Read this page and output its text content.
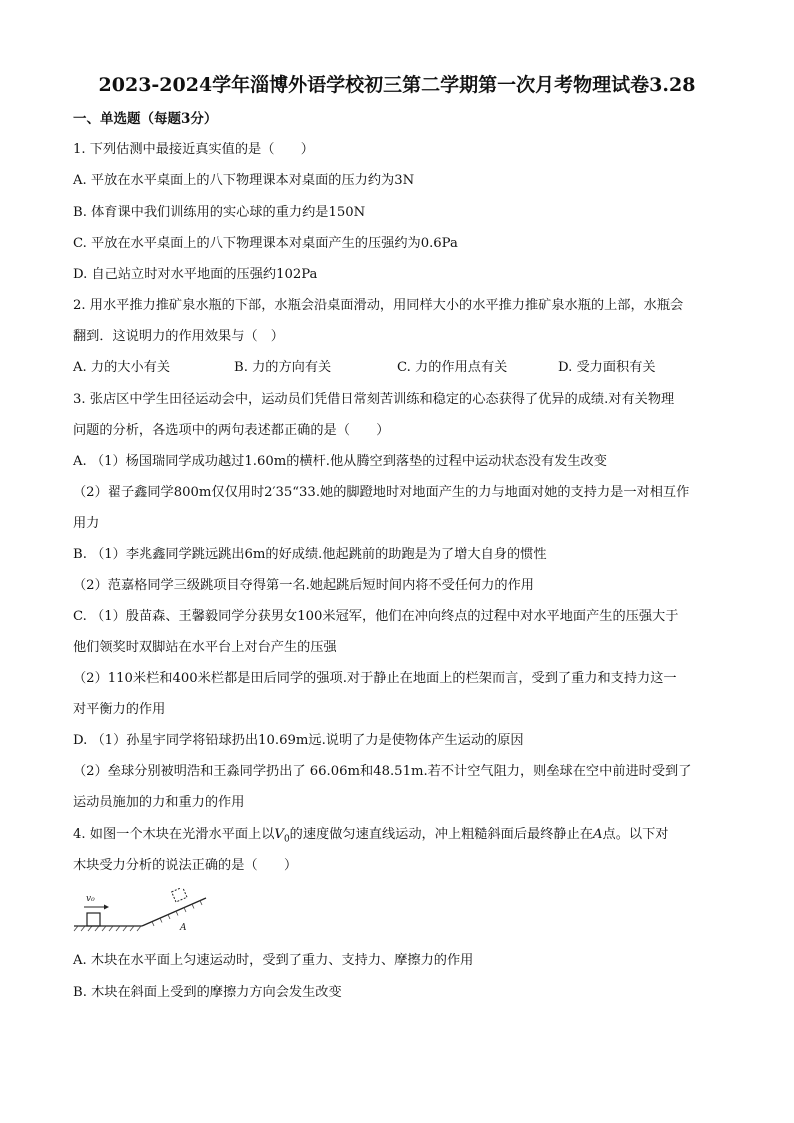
2023-2024学年淄博外语学校初三第二学期第一次月考物理试卷3.28
一、单选题（每题3分）
1. 下列估测中最接近真实值的是（　　）
A. 平放在水平桌面上的八下物理课本对桌面的压力约为3N
B. 体育课中我们训练用的实心球的重力约是150N
C. 平放在水平桌面上的八下物理课本对桌面产生的压强约为0.6Pa
D. 自己站立时对水平地面的压强约102Pa
2. 用水平推力推矿泉水瓶的下部，水瓶会沿桌面滑动，用同样大小的水平推力推矿泉水瓶的上部，水瓶会
翻到．这说明力的作用效果与（　）
A. 力的大小有关	B. 力的方向有关	C. 力的作用点有关	D. 受力面积有关
3. 张店区中学生田径运动会中，运动员们凭借日常刻苦训练和稳定的心态获得了优异的成绩.对有关物理
问题的分析，各选项中的两句表述都正确的是（　　）
A. （1）杨国瑞同学成功越过1.60m的横杆.他从腾空到落垫的过程中运动状态没有发生改变
（2）翟子鑫同学800m仅仅用时2′35“33.她的脚蹬地时对地面产生的力与地面对她的支持力是一对相互作
用力
B. （1）李兆鑫同学跳远跳出6m的好成绩.他起跳前的助跑是为了增大自身的惯性
（2）范嘉格同学三级跳项目夺得第一名.她起跳后短时间内将不受任何力的作用
C. （1）殷苗森、王馨毅同学分获男女100米冠军，他们在冲向终点的过程中对水平地面产生的压强大于
他们领奖时双脚站在水平台上对台产生的压强
（2）110米栏和400米栏都是田后同学的强项.对于静止在地面上的栏架而言，受到了重力和支持力这一
对平衡力的作用
D. （1）孙星宇同学将铅球扔出10.69m远.说明了力是使物体产生运动的原因
（2）垒球分别被明浩和王淼同学扔出了 66.06m和48.51m.若不计空气阻力，则垒球在空中前进时受到了
运动员施加的力和重力的作用
4. 如图一个木块在光滑水平面上以$V_0$的速度做匀速直线运动，冲上粗糙斜面后最终静止在A点。以下对
木块受力分析的说法正确的是（　　）
v₀
A
A. 木块在水平面上匀速运动时，受到了重力、支持力、摩擦力的作用
B. 木块在斜面上受到的摩擦力方向会发生改变
